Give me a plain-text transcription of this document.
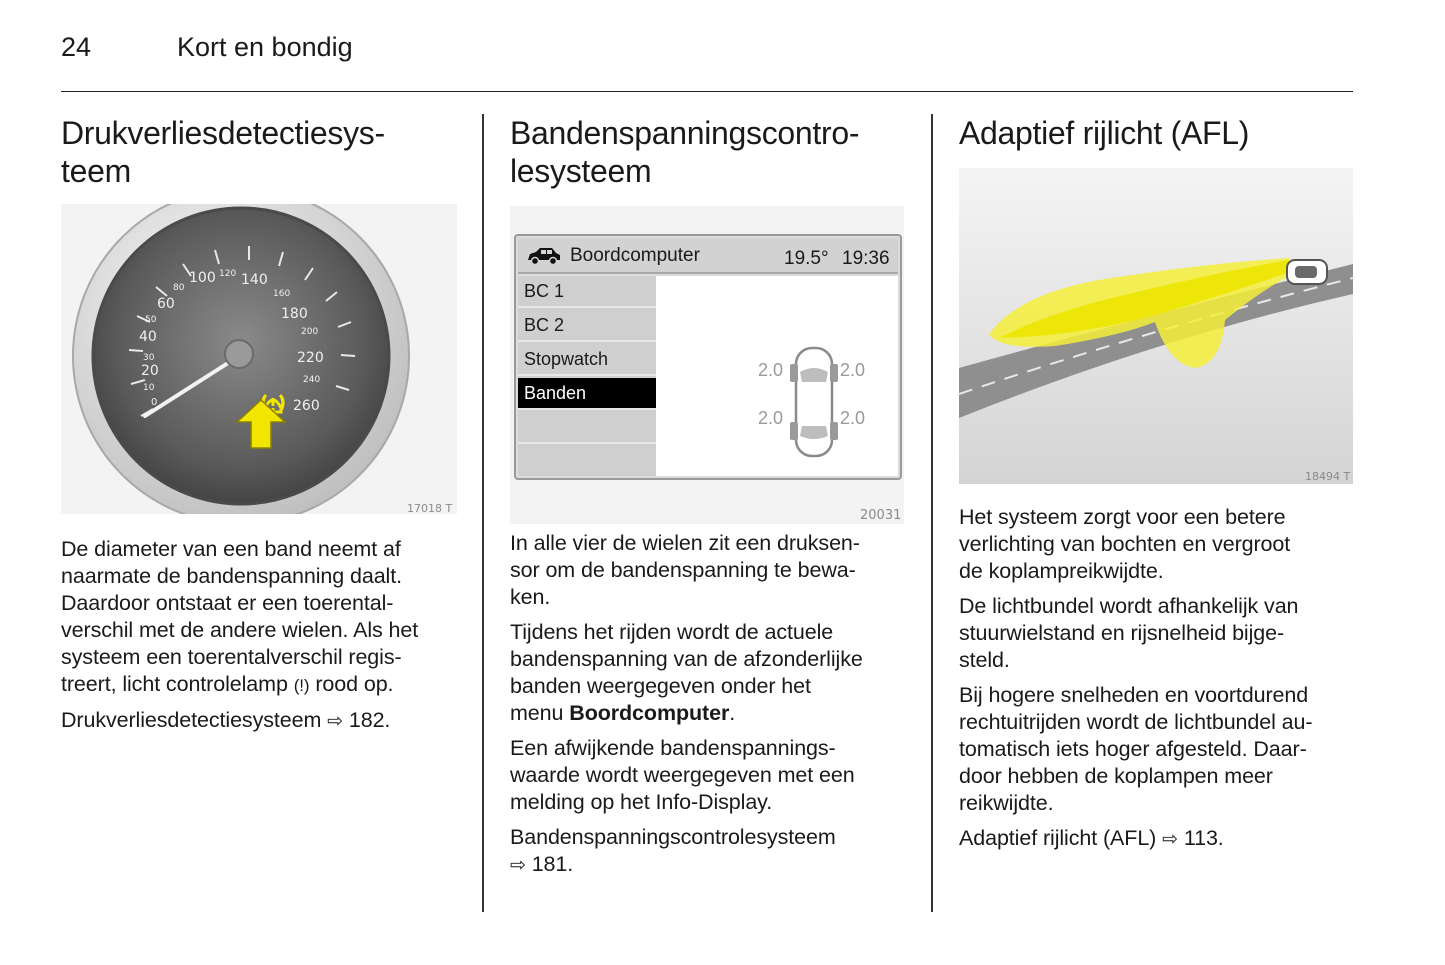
24	Kort en bondig
Drukverliesdetectiesys-
teem
0
10
20
30
40
50
60
80
100 120 140
160
180
200
220
240
260
17018 T

De diameter van een band neemt af
naarmate de bandenspanning daalt.
Daardoor ontstaat er een toerental-
verschil met de andere wielen. Als het
systeem een toerentalverschil regis-
treert, licht controlelamp (!) rood op.

Drukverliesdetectiesysteem ⇨ 182.

Bandenspanningscontro-
lesysteem
Boordcomputer	19.5° 19:36
BC 1
BC 2
Stopwatch
Banden
2.0	2.0
2.0	2.0
20031

In alle vier de wielen zit een druksen-
sor om de bandenspanning te bewa-
ken.

Tijdens het rijden wordt de actuele
bandenspanning van de afzonderlijke
banden weergegeven onder het
menu Boordcomputer.

Een afwijkende bandenspannings-
waarde wordt weergegeven met een
melding op het Info-Display.

Bandenspanningscontrolesysteem
⇨ 181.

Adaptief rijlicht (AFL)
18494 T

Het systeem zorgt voor een betere
verlichting van bochten en vergroot
de koplampreikwijdte.

De lichtbundel wordt afhankelijk van
stuurwielstand en rijsnelheid bijge-
steld.

Bij hogere snelheden en voortdurend
rechtuitrijden wordt de lichtbundel au-
tomatisch iets hoger afgesteld. Daar-
door hebben de koplampen meer
reikwijdte.

Adaptief rijlicht (AFL) ⇨ 113.
